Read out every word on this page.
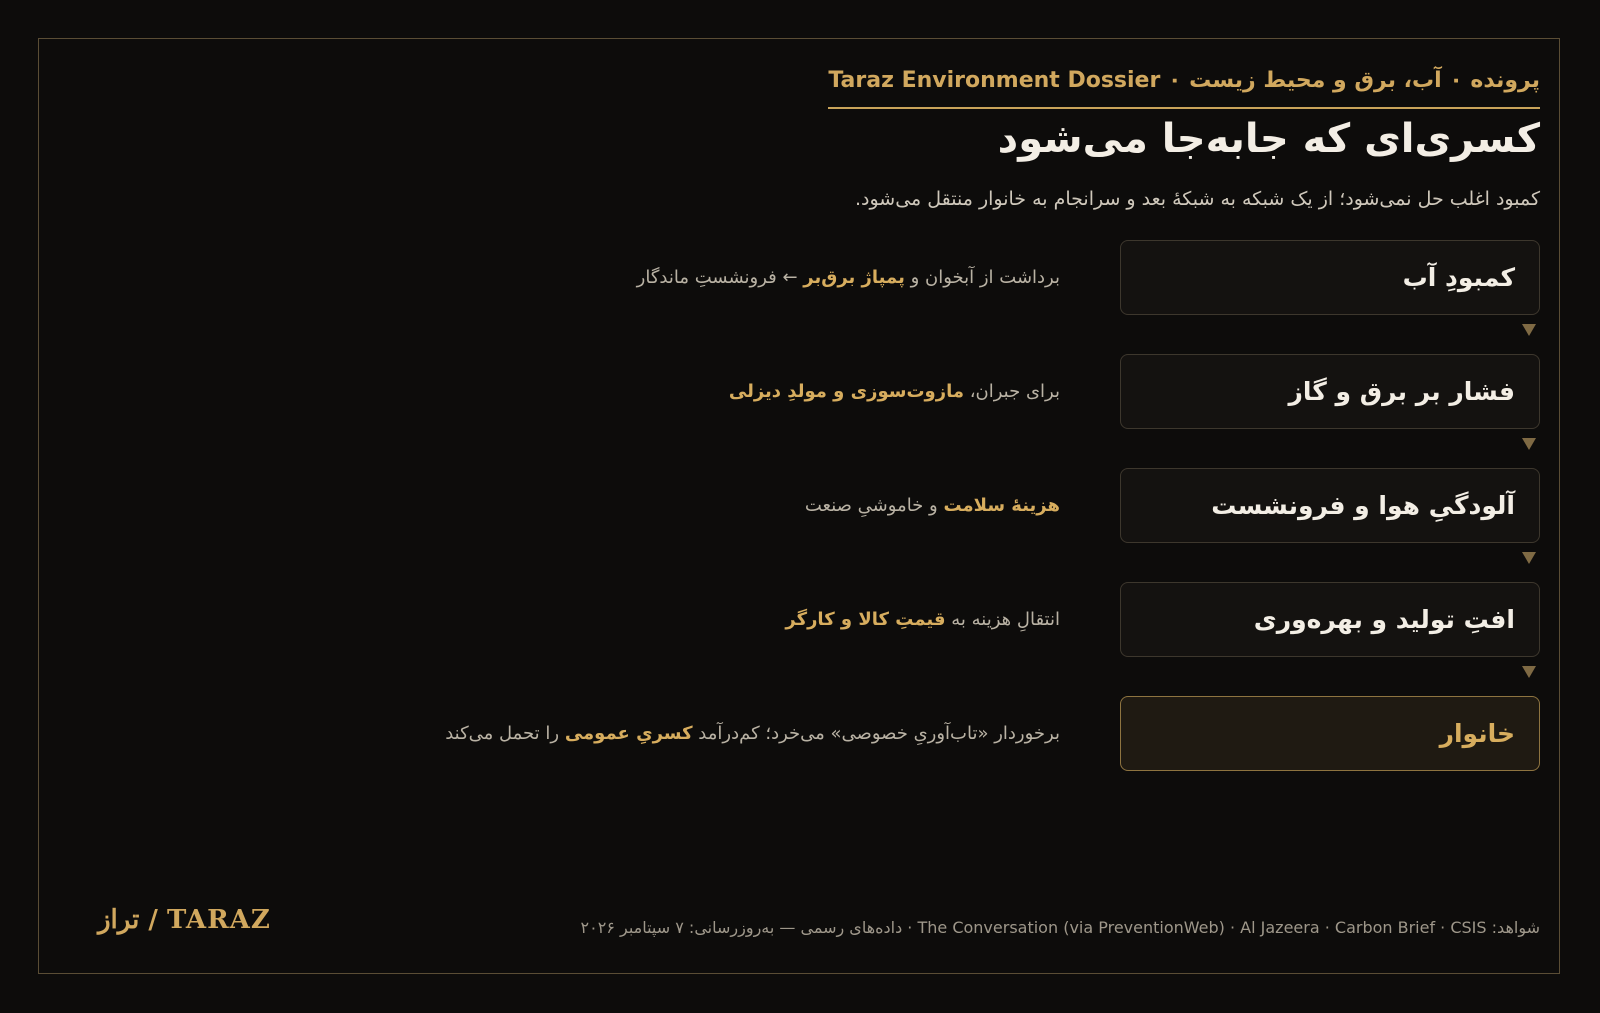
پرونده ۰ آب، برق و محیط زیست ۰ Taraz Environment Dossier
کسری‌ای که جابه‌جا می‌شود
کمبود اغلب حل نمی‌شود؛ از یک شبکه به شبکهٔ بعد و سرانجام به خانوار منتقل می‌شود.
کمبودِ آب
برداشت از آبخوان و پمپاژ برق‌بر ← فرونشستِ ماندگار
فشار بر برق و گاز
برای جبران، مازوت‌سوزی و مولدِ دیزلی
آلودگیِ هوا و فرونشست
هزینهٔ سلامت و خاموشیِ صنعت
افتِ تولید و بهره‌وری
انتقالِ هزینه به قیمتِ کالا و کارگر
خانوار
برخوردار «تاب‌آوریِ خصوصی» می‌خرد؛ کم‌درآمد کسریِ عمومی را تحمل می‌کند
شواهد: The Conversation (via PreventionWeb) · Al Jazeera · Carbon Brief · CSIS · داده‌های رسمی — به‌روزرسانی: ۷ سپتامبر ۲۰۲۶
تراز / TARAZ
